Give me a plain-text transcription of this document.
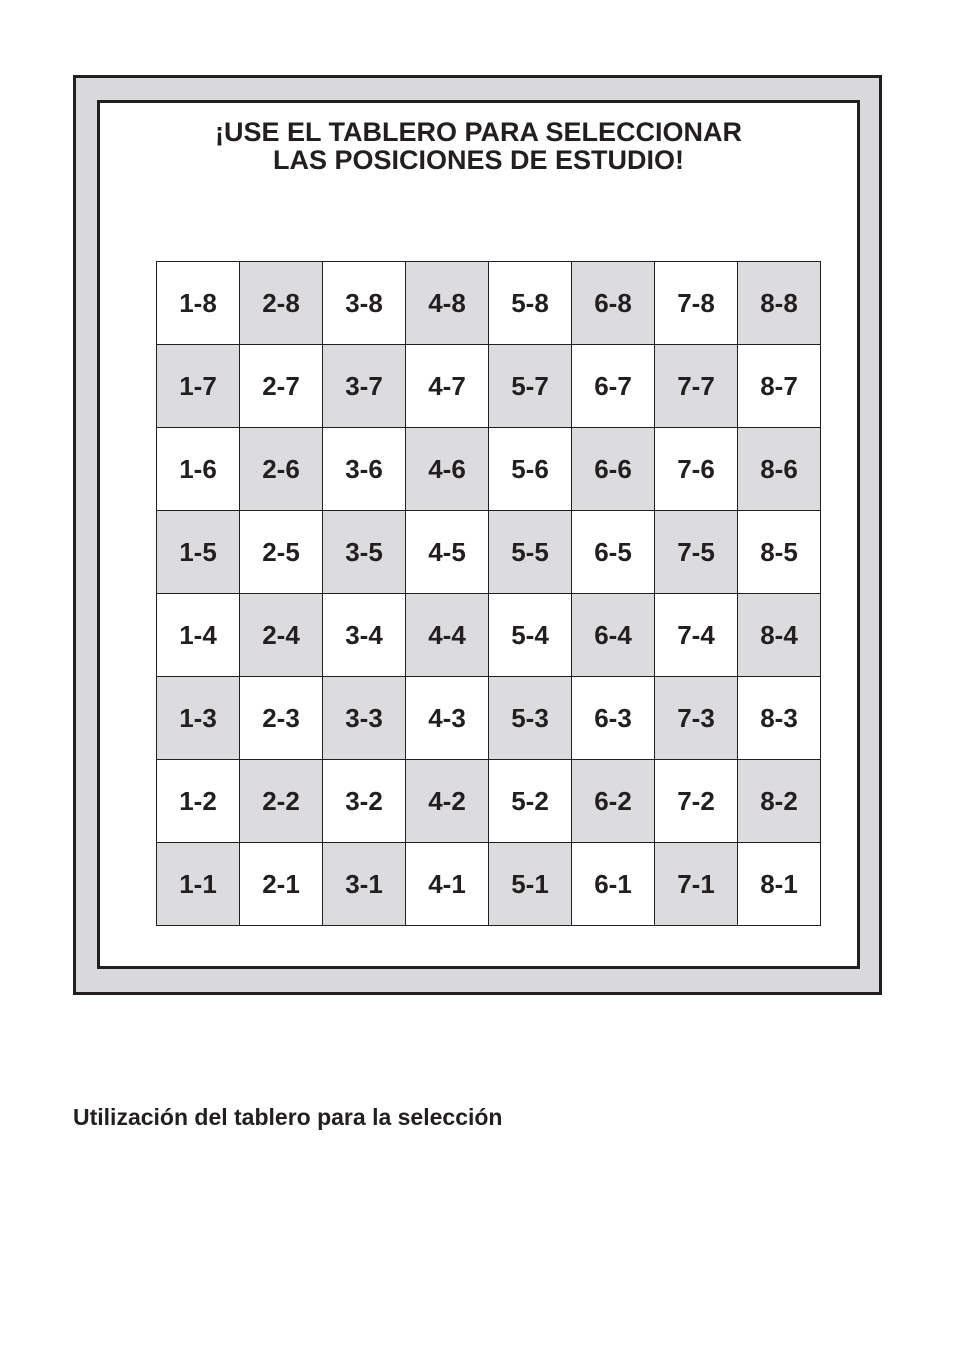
¡USE EL TABLERO PARA SELECCIONAR
LAS POSICIONES DE ESTUDIO!
1-8	2-8	3-8	4-8	5-8	6-8	7-8	8-8
1-7	2-7	3-7	4-7	5-7	6-7	7-7	8-7
1-6	2-6	3-6	4-6	5-6	6-6	7-6	8-6
1-5	2-5	3-5	4-5	5-5	6-5	7-5	8-5
1-4	2-4	3-4	4-4	5-4	6-4	7-4	8-4
1-3	2-3	3-3	4-3	5-3	6-3	7-3	8-3
1-2	2-2	3-2	4-2	5-2	6-2	7-2	8-2
1-1	2-1	3-1	4-1	5-1	6-1	7-1	8-1
Utilización del tablero para la selección
